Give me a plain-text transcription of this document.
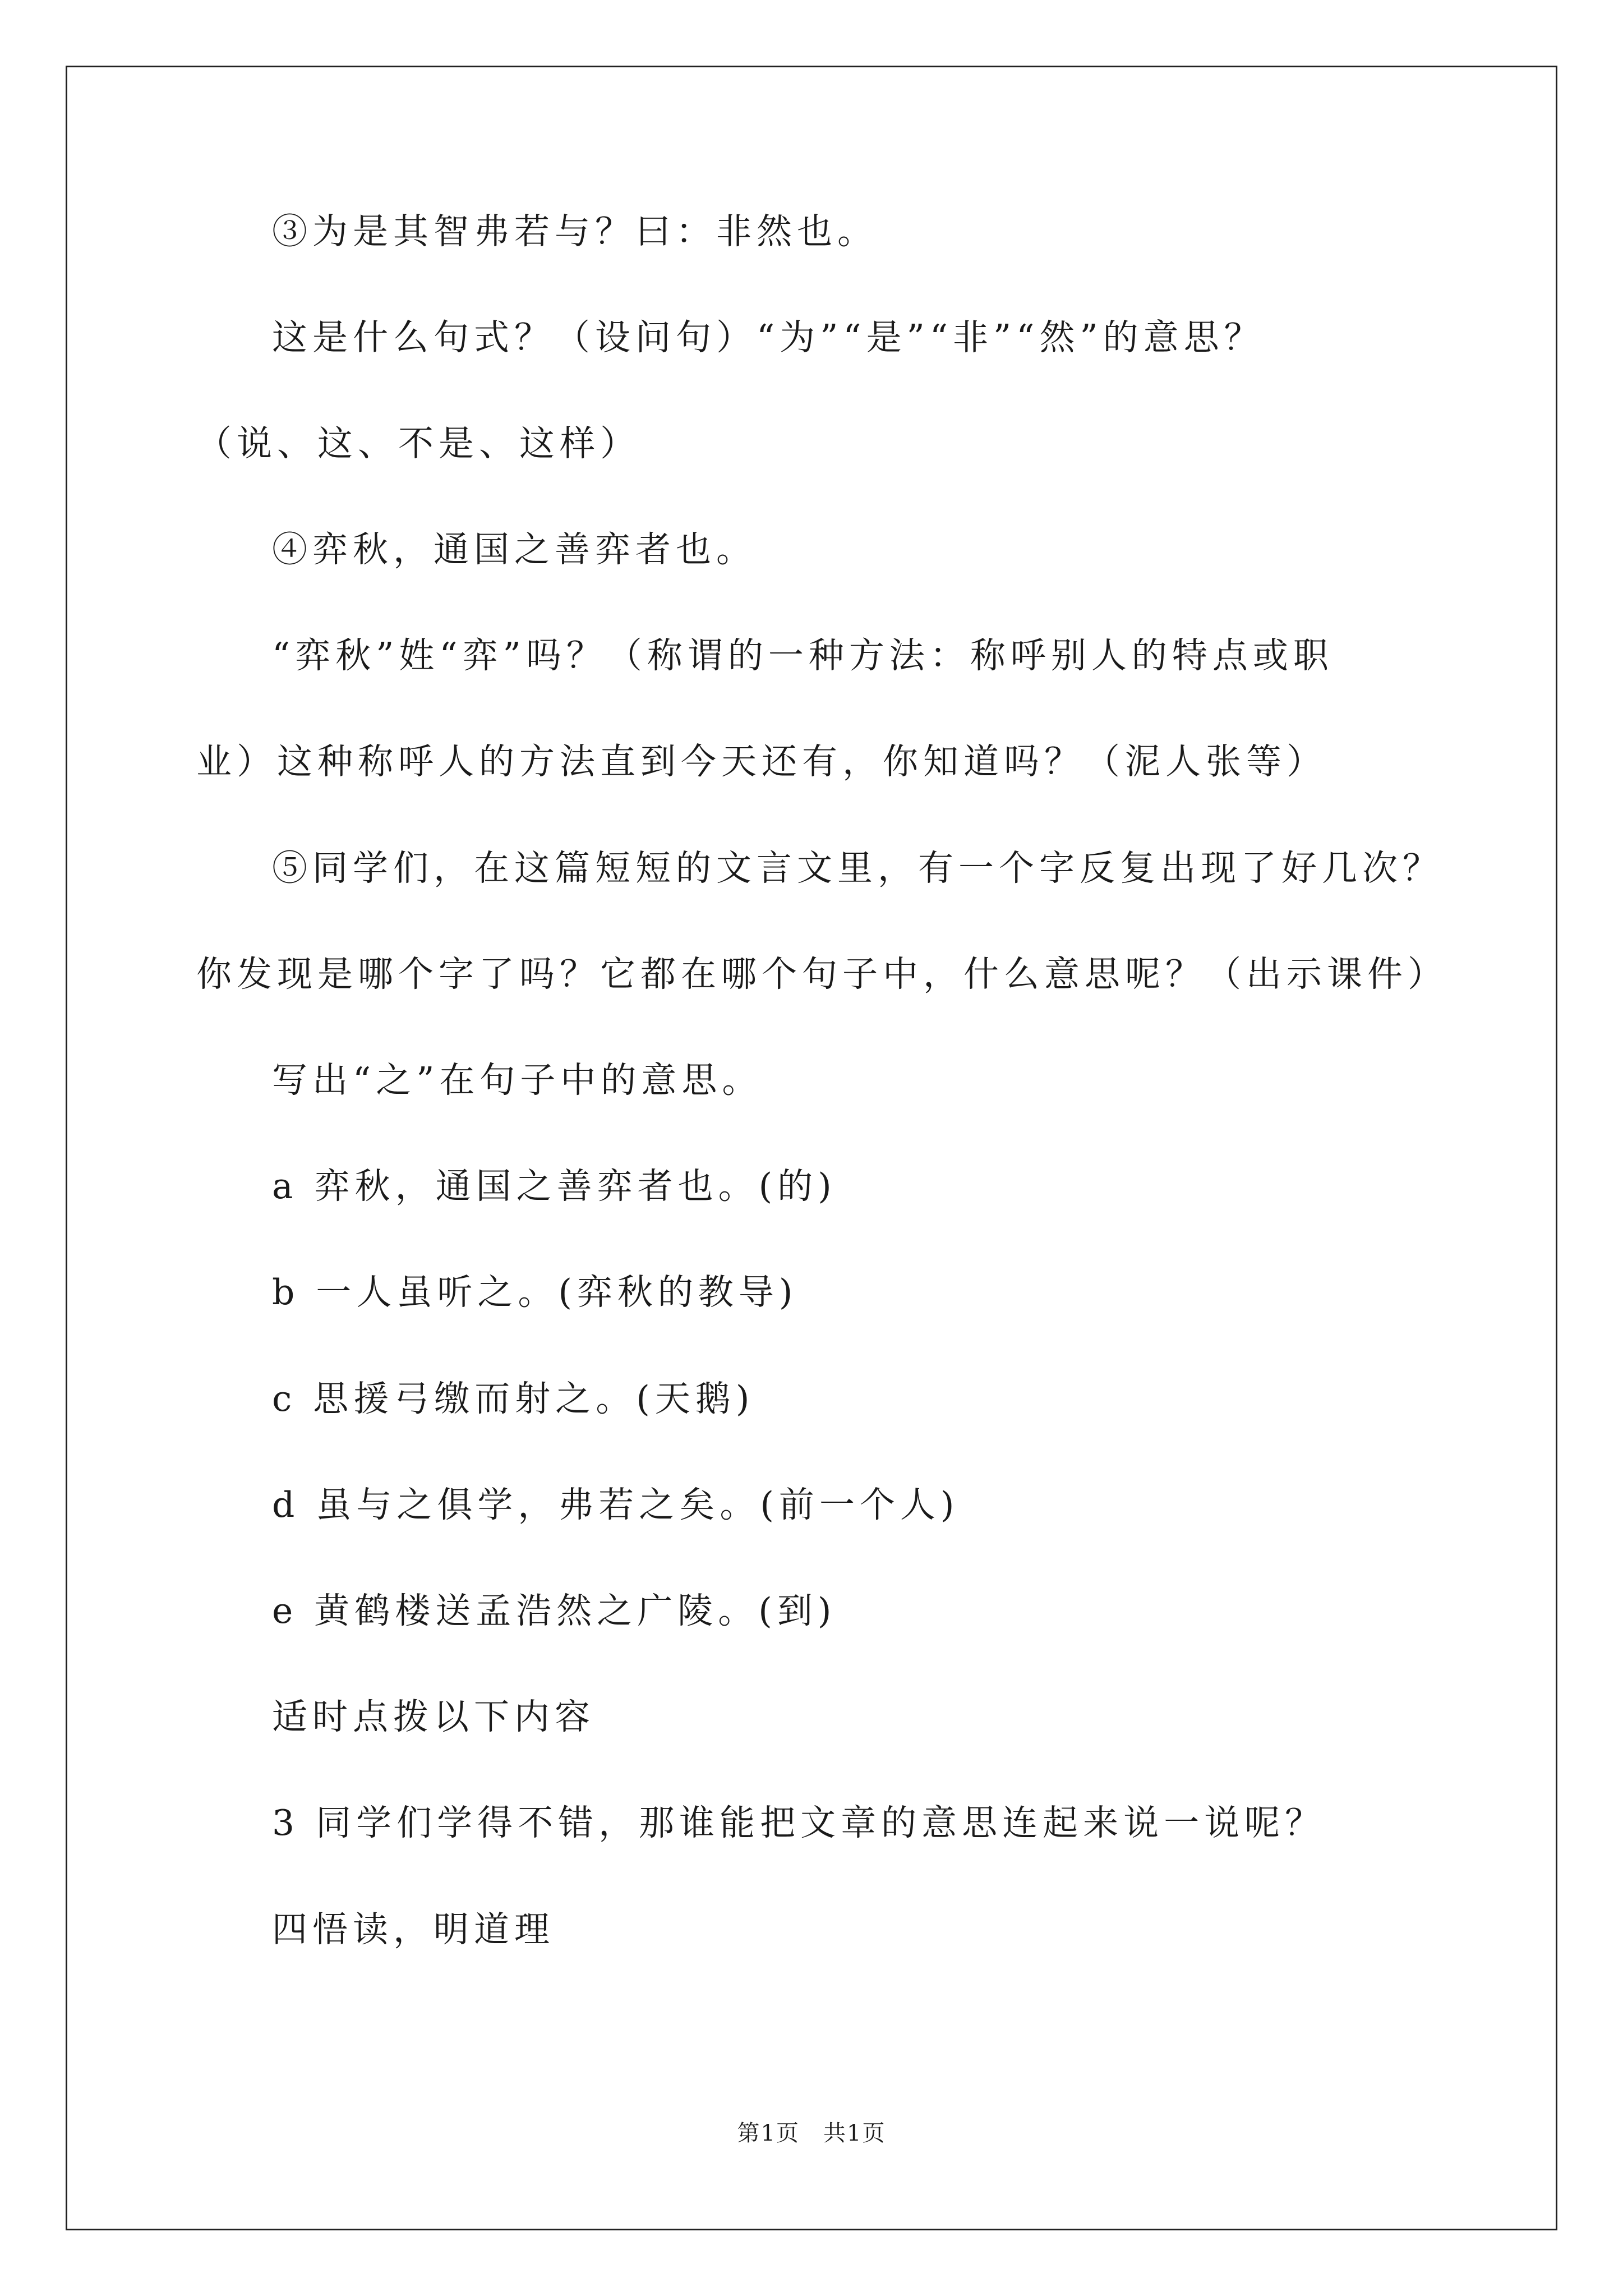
③为是其智弗若与？曰：非然也。
这是什么句式？（设问句）“为”“是”“非”“然”的意思？
（说、这、不是、这样）
④弈秋，通国之善弈者也。
“弈秋”姓“弈”吗？（称谓的一种方法：称呼别人的特点或职
业）这种称呼人的方法直到今天还有，你知道吗？（泥人张等）
⑤同学们，在这篇短短的文言文里，有一个字反复出现了好几次？
你发现是哪个字了吗？它都在哪个句子中，什么意思呢？（出示课件）
写出“之”在句子中的意思。
a 弈秋，通国之善弈者也。(的)
b 一人虽听之。(弈秋的教导)
c 思援弓缴而射之。(天鹅)
d 虽与之俱学，弗若之矣。(前一个人)
e 黄鹤楼送孟浩然之广陵。(到)
适时点拨以下内容
3 同学们学得不错，那谁能把文章的意思连起来说一说呢？
四悟读，明道理
第1页　共1页
